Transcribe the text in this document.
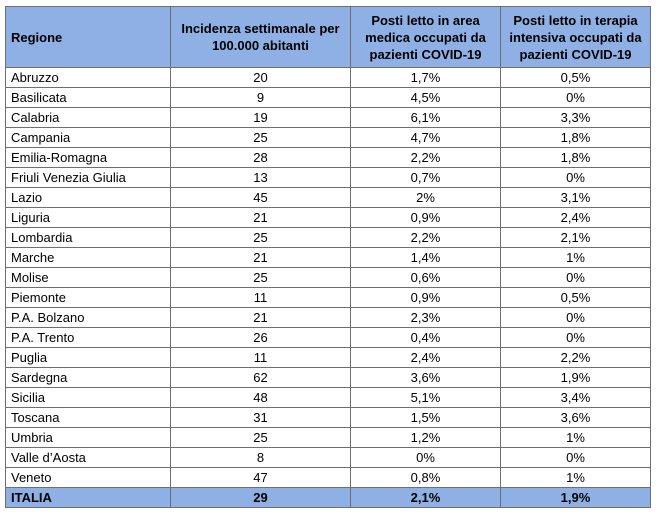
Regione	Incidenza settimanale per 100.000 abitanti	Posti letto in area medica occupati da pazienti COVID-19	Posti letto in terapia intensiva occupati da pazienti COVID-19
Abruzzo	20	1,7%	0,5%
Basilicata	9	4,5%	0%
Calabria	19	6,1%	3,3%
Campania	25	4,7%	1,8%
Emilia-Romagna	28	2,2%	1,8%
Friuli Venezia Giulia	13	0,7%	0%
Lazio	45	2%	3,1%
Liguria	21	0,9%	2,4%
Lombardia	25	2,2%	2,1%
Marche	21	1,4%	1%
Molise	25	0,6%	0%
Piemonte	11	0,9%	0,5%
P.A. Bolzano	21	2,3%	0%
P.A. Trento	26	0,4%	0%
Puglia	11	2,4%	2,2%
Sardegna	62	3,6%	1,9%
Sicilia	48	5,1%	3,4%
Toscana	31	1,5%	3,6%
Umbria	25	1,2%	1%
Valle d’Aosta	8	0%	0%
Veneto	47	0,8%	1%
ITALIA	29	2,1%	1,9%
